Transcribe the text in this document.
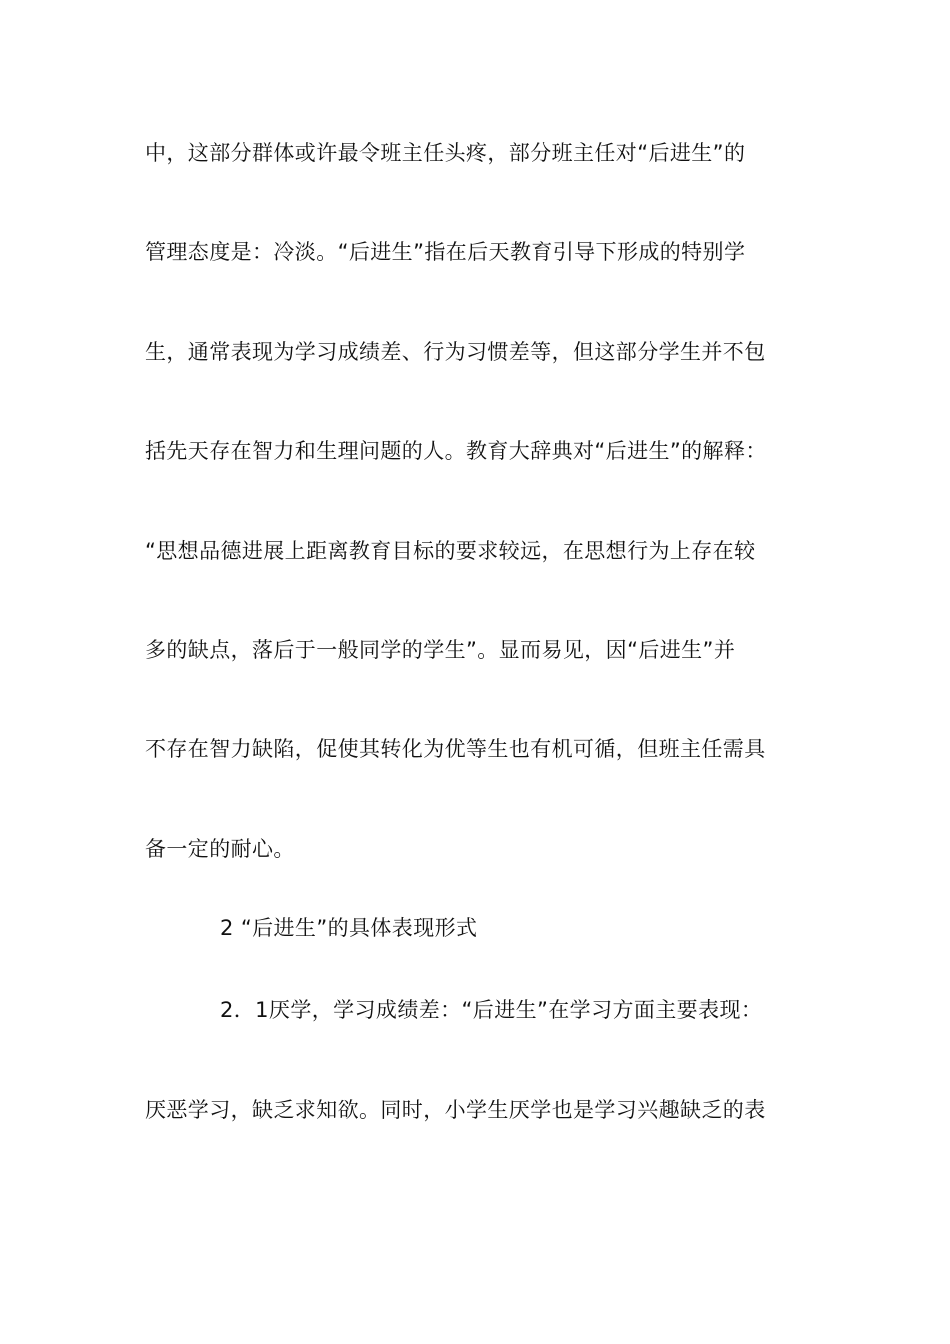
中，这部分群体或许最令班主任头疼，部分班主任对“后进生”的
管理态度是：冷淡。“后进生”指在后天教育引导下形成的特别学
生，通常表现为学习成绩差、行为习惯差等，但这部分学生并不包
括先天存在智力和生理问题的人。教育大辞典对“后进生”的解释：
“思想品德进展上距离教育目标的要求较远，在思想行为上存在较
多的缺点，落后于一般同学的学生”。显而易见，因“后进生”并
不存在智力缺陷，促使其转化为优等生也有机可循，但班主任需具
备一定的耐心。
2 “后进生”的具体表现形式
2．1厌学，学习成绩差：“后进生”在学习方面主要表现：
厌恶学习，缺乏求知欲。同时，小学生厌学也是学习兴趣缺乏的表
